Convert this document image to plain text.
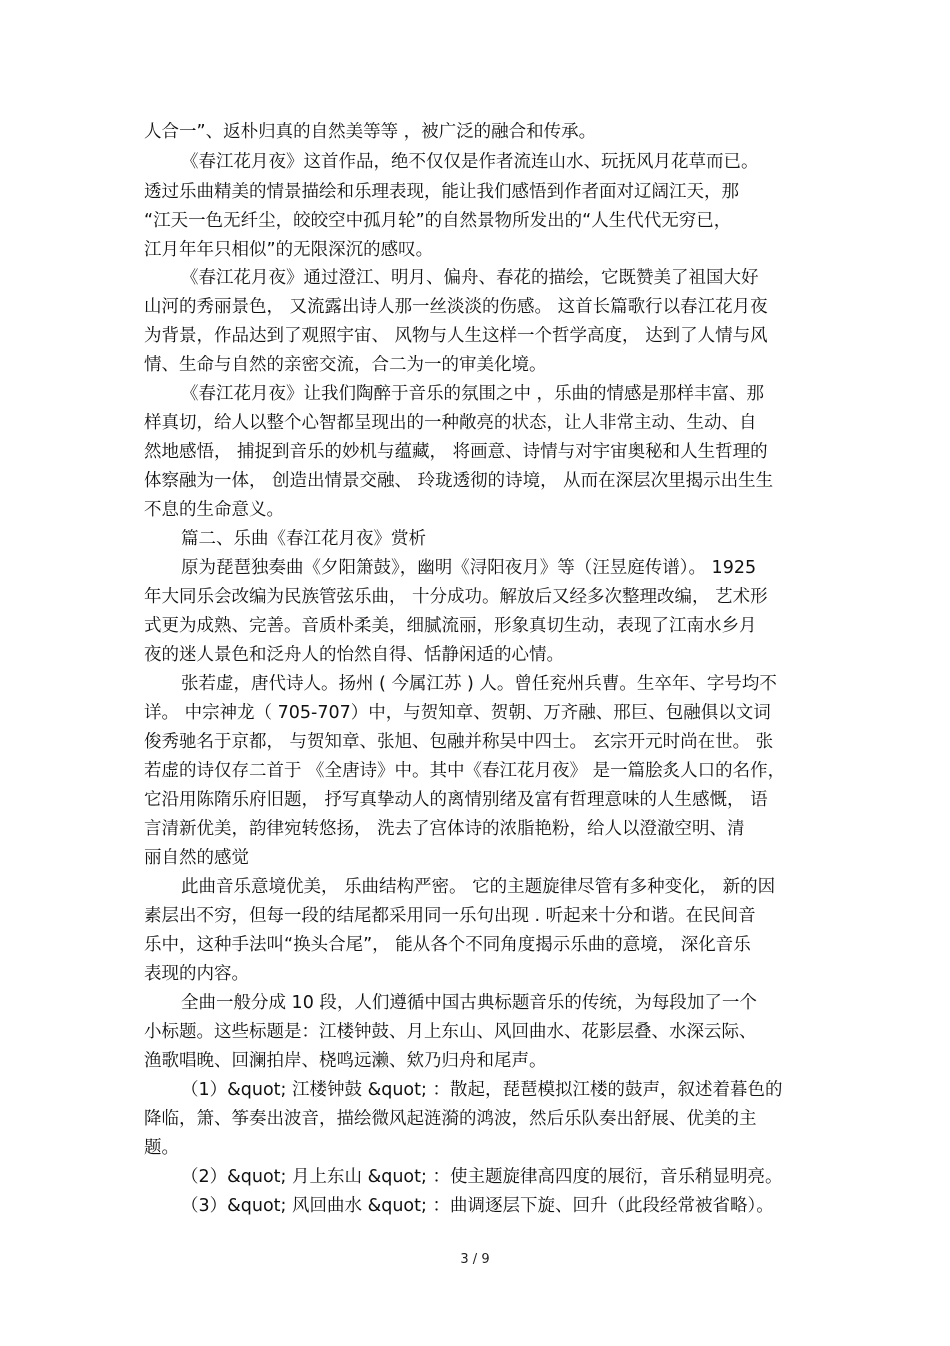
人合一”、返朴归真的自然美等等 ，被广泛的融合和传承。
《春江花月夜》这首作品，绝不仅仅是作者流连山水、玩抚风月花草而已。
透过乐曲精美的情景描绘和乐理表现，能让我们感悟到作者面对辽阔江天，那
“江天一色无纤尘，皎皎空中孤月轮”的自然景物所发出的“人生代代无穷已，
江月年年只相似”的无限深沉的感叹。
《春江花月夜》通过澄江、明月、偏舟、春花的描绘，它既赞美了祖国大好
山河的秀丽景色， 又流露出诗人那一丝淡淡的伤感。 这首长篇歌行以春江花月夜
为背景，作品达到了观照宇宙、 风物与人生这样一个哲学高度， 达到了人情与风
情、生命与自然的亲密交流，合二为一的审美化境。
《春江花月夜》让我们陶醉于音乐的氛围之中 ，乐曲的情感是那样丰富、那
样真切，给人以整个心智都呈现出的一种敞亮的状态，让人非常主动、生动、自
然地感悟， 捕捉到音乐的妙机与蕴藏， 将画意、诗情与对宇宙奥秘和人生哲理的
体察融为一体， 创造出情景交融、 玲珑透彻的诗境， 从而在深层次里揭示出生生
不息的生命意义。
篇二、乐曲《春江花月夜》赏析
原为琵琶独奏曲《夕阳箫鼓》，幽明《浔阳夜月》等（汪昱庭传谱）。 1925
年大同乐会改编为民族管弦乐曲， 十分成功。解放后又经多次整理改编， 艺术形
式更为成熟、完善。音质朴柔美，细腻流丽，形象真切生动，表现了江南水乡月
夜的迷人景色和泛舟人的怡然自得、恬静闲适的心情。
张若虚，唐代诗人。扬州 ( 今属江苏 ) 人。曾任兖州兵曹。生卒年、字号均不
详。 中宗神龙（ 705-707）中，与贺知章、贺朝、万齐融、邢巨、包融俱以文词
俊秀驰名于京都， 与贺知章、张旭、包融并称吴中四士。 玄宗开元时尚在世。 张
若虚的诗仅存二首于 《全唐诗》中。其中《春江花月夜》 是一篇脍炙人口的名作，
它沿用陈隋乐府旧题， 抒写真挚动人的离情别绪及富有哲理意味的人生感慨， 语
言清新优美，韵律宛转悠扬， 洗去了宫体诗的浓脂艳粉，给人以澄澈空明、清
丽自然的感觉
此曲音乐意境优美， 乐曲结构严密。 它的主题旋律尽管有多种变化， 新的因
素层出不穷，但每一段的结尾都采用同一乐句出现 . 听起来十分和谐。在民间音
乐中，这种手法叫“换头合尾”， 能从各个不同角度揭示乐曲的意境， 深化音乐
表现的内容。
全曲一般分成 10 段，人们遵循中国古典标题音乐的传统，为每段加了一个
小标题。这些标题是：江楼钟鼓、月上东山、风回曲水、花影层叠、水深云际、
渔歌唱晚、回澜拍岸、桡鸣远濑、欸乃归舟和尾声。
（1）&quot; 江楼钟鼓 &quot; ：散起，琵琶模拟江楼的鼓声，叙述着暮色的
降临，箫、筝奏出波音，描绘微风起涟漪的鸿波，然后乐队奏出舒展、优美的主
题。
（2）&quot; 月上东山 &quot; ：使主题旋律高四度的展衍，音乐稍显明亮。
（3）&quot; 风回曲水 &quot; ：曲调逐层下旋、回升（此段经常被省略）。
3 / 9
